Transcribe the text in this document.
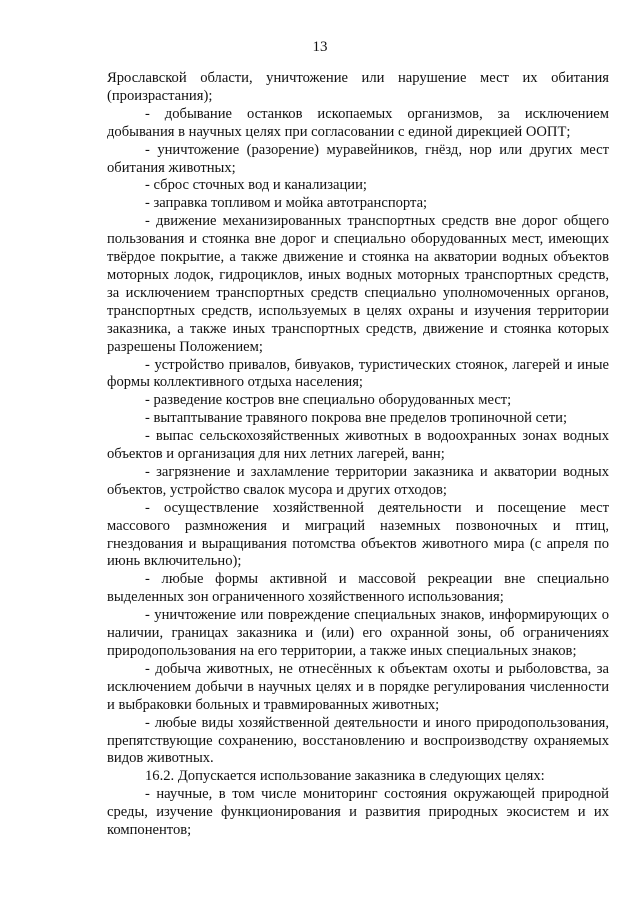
13

Ярославской области, уничтожение или нарушение мест их обитания (произрастания);

- добывание останков ископаемых организмов, за исключением добывания в научных целях при согласовании с единой дирекцией ООПТ;

- уничтожение (разорение) муравейников, гнёзд, нор или других мест обитания животных;

- сброс сточных вод и канализации;

- заправка топливом и мойка автотранспорта;

- движение механизированных транспортных средств вне дорог общего пользования и стоянка вне дорог и специально оборудованных мест, имеющих твёрдое покрытие, а также движение и стоянка на акватории водных объектов моторных лодок, гидроциклов, иных водных моторных транспортных средств, за исключением транспортных средств специально уполномоченных органов, транспортных средств, используемых в целях охраны и изучения территории заказника, а также иных транспортных средств, движение и стоянка которых разрешены Положением;

- устройство привалов, бивуаков, туристических стоянок, лагерей и иные формы коллективного отдыха населения;

- разведение костров вне специально оборудованных мест;

- вытаптывание травяного покрова вне пределов тропиночной сети;

- выпас сельскохозяйственных животных в водоохранных зонах водных объектов и организация для них летних лагерей, ванн;

- загрязнение и захламление территории заказника и акватории водных объектов, устройство свалок мусора и других отходов;

- осуществление хозяйственной деятельности и посещение мест массового размножения и миграций наземных позвоночных и птиц, гнездования и выращивания потомства объектов животного мира (с апреля по июнь включительно);

- любые формы активной и массовой рекреации вне специально выделенных зон ограниченного хозяйственного использования;

- уничтожение или повреждение специальных знаков, информирующих о наличии, границах заказника и (или) его охранной зоны, об ограничениях природопользования на его территории, а также иных специальных знаков;

- добыча животных, не отнесённых к объектам охоты и рыболовства, за исключением добычи в научных целях и в порядке регулирования численности и выбраковки больных и травмированных животных;

- любые виды хозяйственной деятельности и иного природопользования, препятствующие сохранению, восстановлению и воспроизводству охраняемых видов животных.

16.2. Допускается использование заказника в следующих целях:

- научные, в том числе мониторинг состояния окружающей природной среды, изучение функционирования и развития природных экосистем и их компонентов;
